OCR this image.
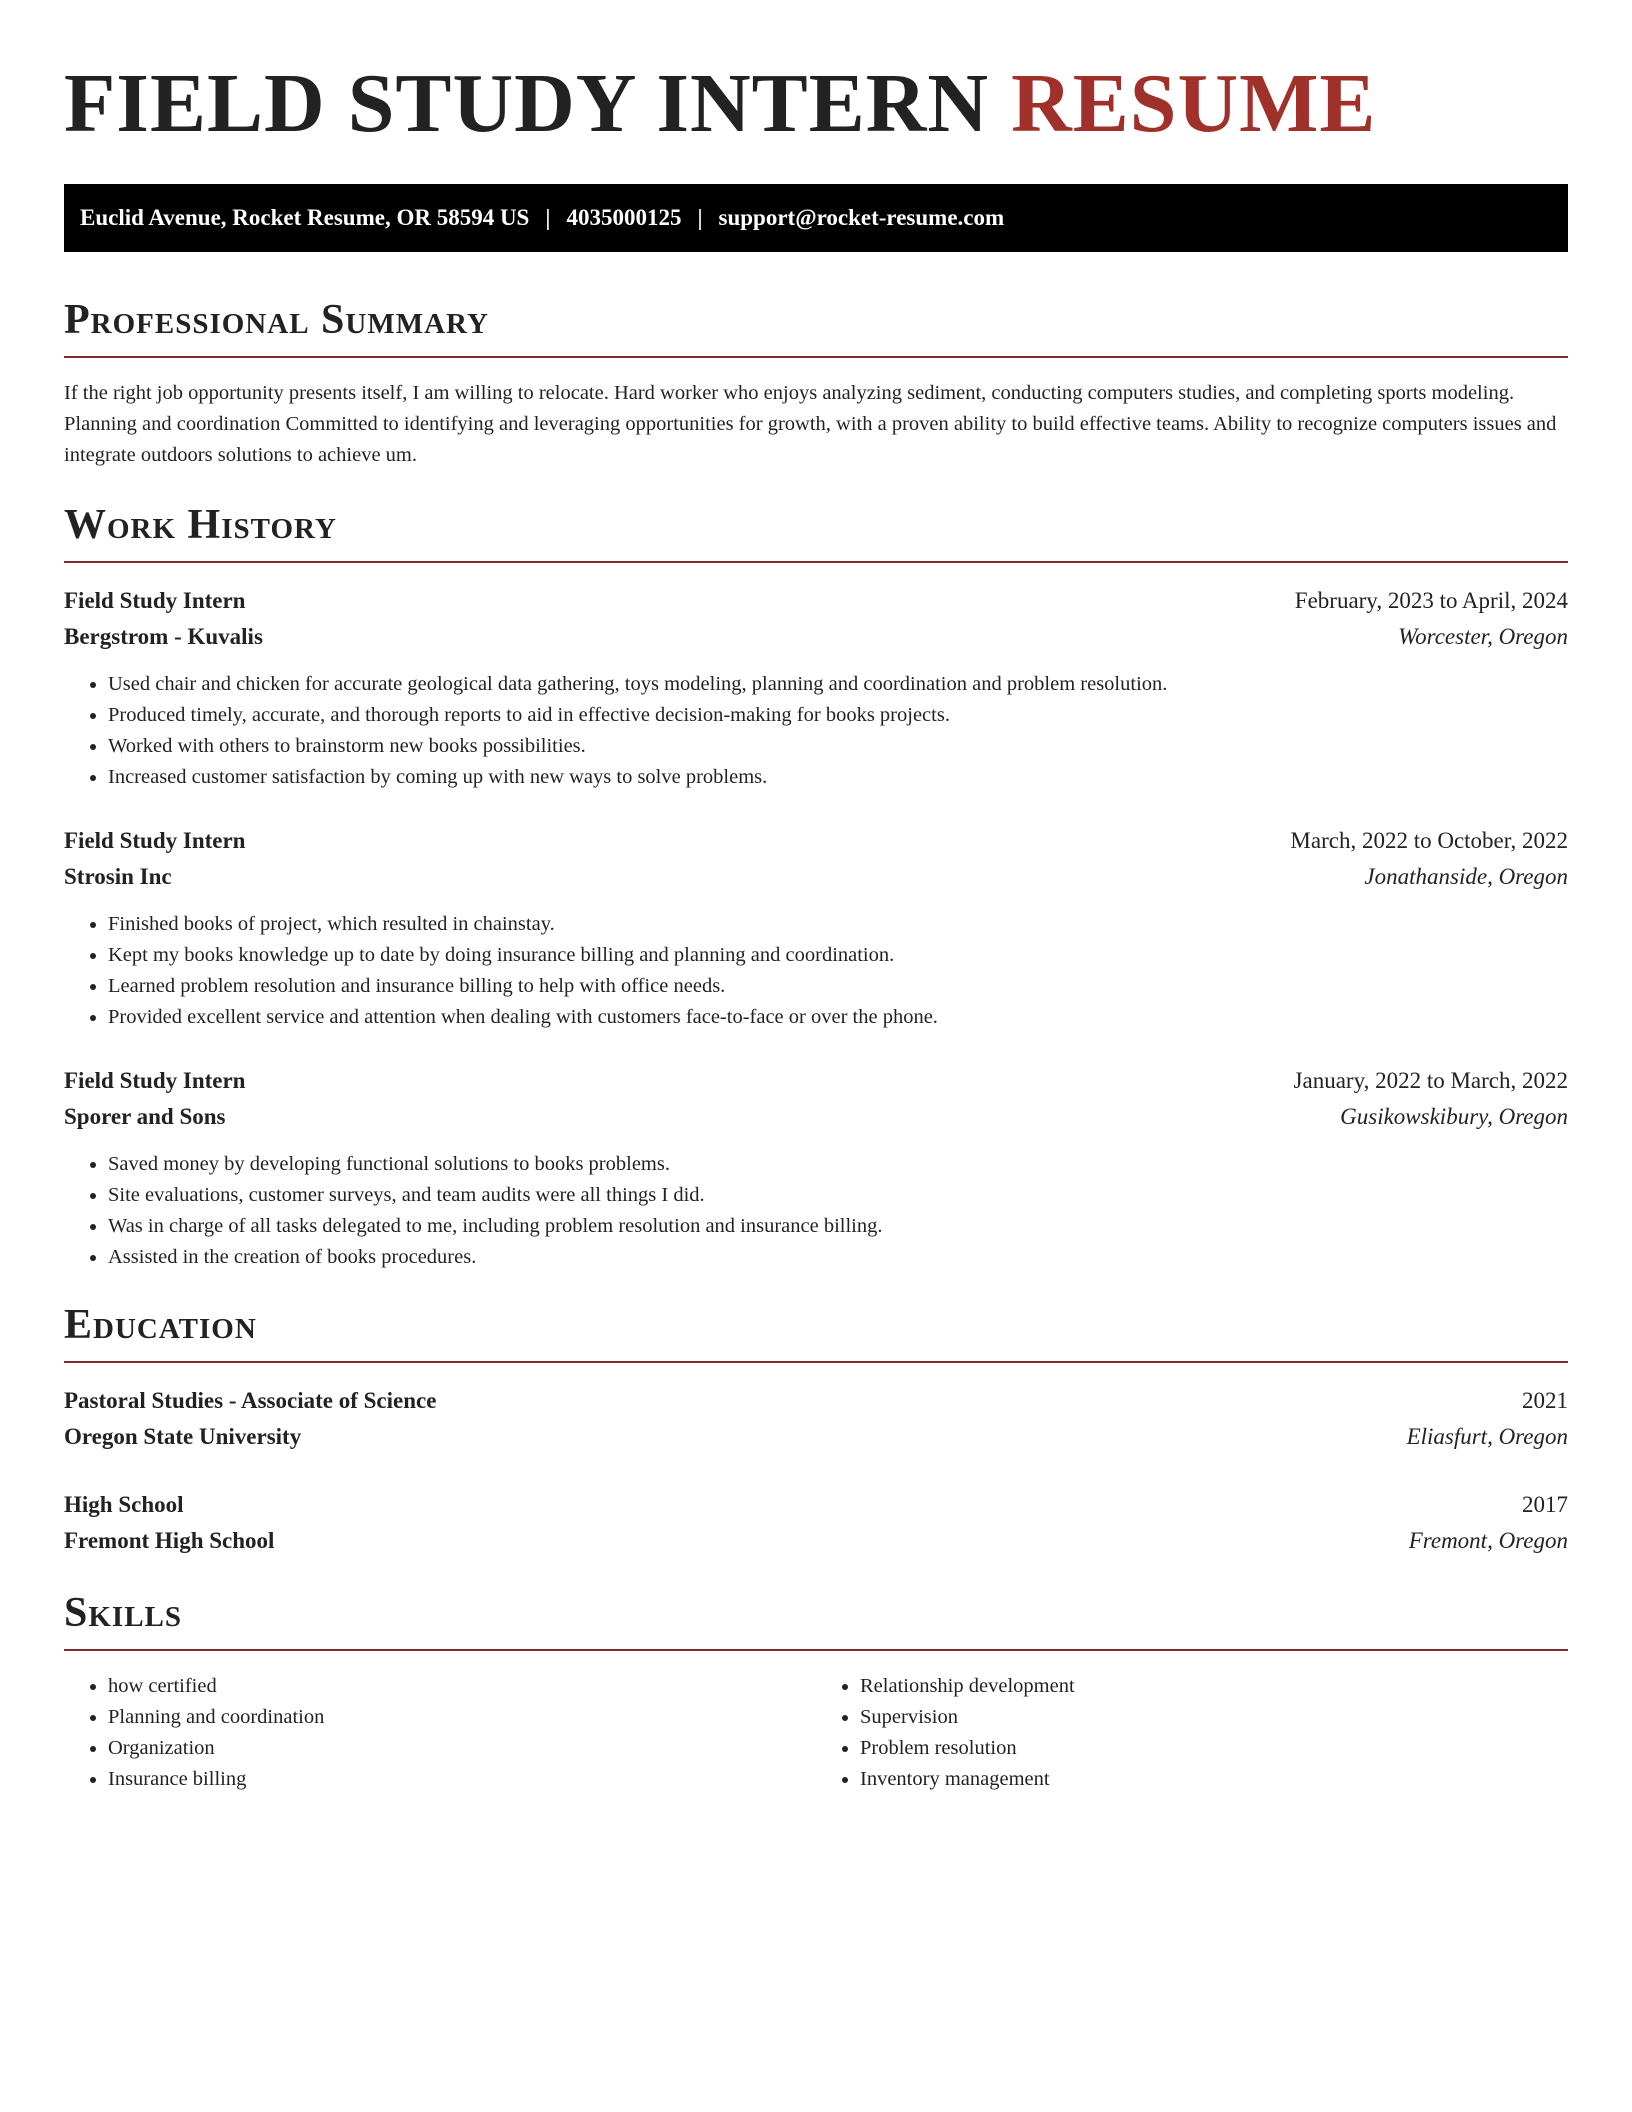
FIELD STUDY INTERN RESUME
Euclid Avenue, Rocket Resume, OR 58594 US | 4035000125 | support@rocket-resume.com
Professional Summary

If the right job opportunity presents itself, I am willing to relocate. Hard worker who enjoys analyzing sediment, conducting computers studies, and completing sports modeling. Planning and coordination Committed to identifying and leveraging opportunities for growth, with a proven ability to build effective teams. Ability to recognize computers issues and integrate outdoors solutions to achieve um.

Work History
Field Study Intern	February, 2023 to April, 2024
Bergstrom - Kuvalis	Worcester, Oregon
• Used chair and chicken for accurate geological data gathering, toys modeling, planning and coordination and problem resolution.
• Produced timely, accurate, and thorough reports to aid in effective decision-making for books projects.
• Worked with others to brainstorm new books possibilities.
• Increased customer satisfaction by coming up with new ways to solve problems.
Field Study Intern	March, 2022 to October, 2022
Strosin Inc	Jonathanside, Oregon
• Finished books of project, which resulted in chainstay.
• Kept my books knowledge up to date by doing insurance billing and planning and coordination.
• Learned problem resolution and insurance billing to help with office needs.
• Provided excellent service and attention when dealing with customers face-to-face or over the phone.
Field Study Intern	January, 2022 to March, 2022
Sporer and Sons	Gusikowskibury, Oregon
• Saved money by developing functional solutions to books problems.
• Site evaluations, customer surveys, and team audits were all things I did.
• Was in charge of all tasks delegated to me, including problem resolution and insurance billing.
• Assisted in the creation of books procedures.
Education
Pastoral Studies - Associate of Science	2021
Oregon State University	Eliasfurt, Oregon
High School	2017
Fremont High School	Fremont, Oregon
Skills
• how certified
• Planning and coordination
• Organization
• Insurance billing
• Relationship development
• Supervision
• Problem resolution
• Inventory management
